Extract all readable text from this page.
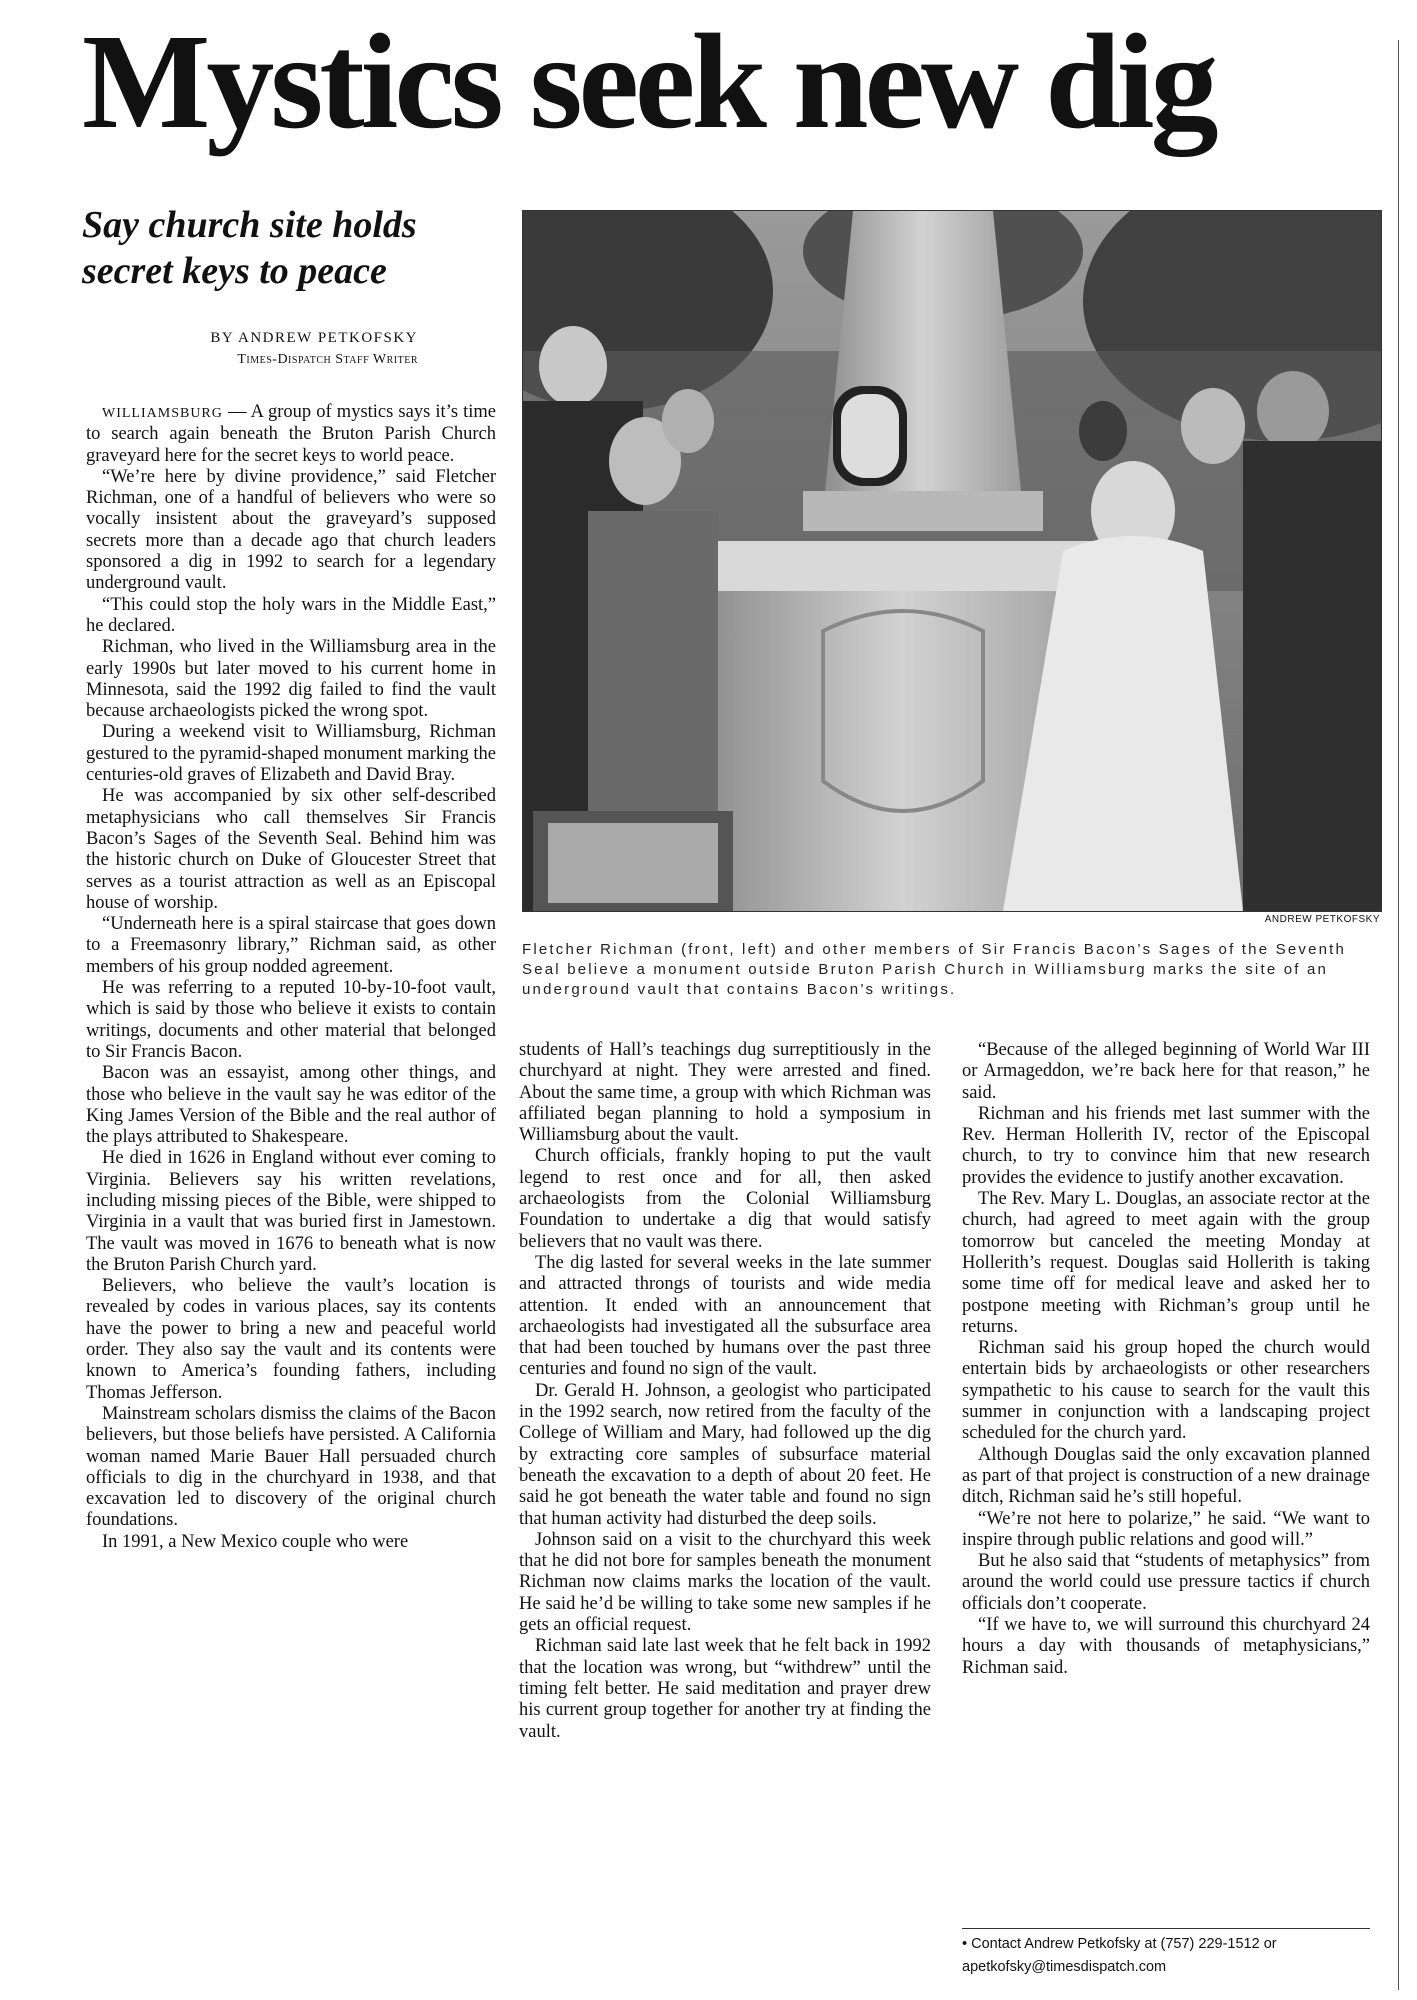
Mystics seek new dig
Say church site holds secret keys to peace
BY ANDREW PETKOFSKY
Times-Dispatch Staff Writer
ANDREW PETKOFSKY
Fletcher Richman (front, left) and other members of Sir Francis Bacon’s Sages of the Seventh Seal believe a monument outside Bruton Parish Church in Williamsburg marks the site of an underground vault that contains Bacon’s writings.

WILLIAMSBURG — A group of mystics says it’s time to search again beneath the Bruton Parish Church graveyard here for the secret keys to world peace.

“We’re here by divine providence,” said Fletcher Richman, one of a handful of believers who were so vocally insistent about the graveyard’s supposed secrets more than a decade ago that church leaders sponsored a dig in 1992 to search for a legendary underground vault.

“This could stop the holy wars in the Middle East,” he declared.

Richman, who lived in the Williamsburg area in the early 1990s but later moved to his current home in Minnesota, said the 1992 dig failed to find the vault because archaeologists picked the wrong spot.

During a weekend visit to Williamsburg, Richman gestured to the pyramid-shaped monument marking the centuries-old graves of Elizabeth and David Bray.

He was accompanied by six other self-described metaphysicians who call themselves Sir Francis Bacon’s Sages of the Seventh Seal. Behind him was the historic church on Duke of Gloucester Street that serves as a tourist attraction as well as an Episcopal house of worship.

“Underneath here is a spiral staircase that goes down to a Freemasonry library,” Richman said, as other members of his group nodded agreement.

He was referring to a reputed 10-by-10-foot vault, which is said by those who believe it exists to contain writings, documents and other material that belonged to Sir Francis Bacon.

Bacon was an essayist, among other things, and those who believe in the vault say he was editor of the King James Version of the Bible and the real author of the plays attributed to Shakespeare.

He died in 1626 in England without ever coming to Virginia. Believers say his written revelations, including missing pieces of the Bible, were shipped to Virginia in a vault that was buried first in Jamestown. The vault was moved in 1676 to beneath what is now the Bruton Parish Church yard.

Believers, who believe the vault’s location is revealed by codes in various places, say its contents have the power to bring a new and peaceful world order. They also say the vault and its contents were known to America’s founding fathers, including Thomas Jefferson.

Mainstream scholars dismiss the claims of the Bacon believers, but those beliefs have persisted. A California woman named Marie Bauer Hall persuaded church officials to dig in the churchyard in 1938, and that excavation led to discovery of the original church foundations.

In 1991, a New Mexico couple who were

students of Hall’s teachings dug surreptitiously in the churchyard at night. They were arrested and fined. About the same time, a group with which Richman was affiliated began planning to hold a symposium in Williamsburg about the vault.

Church officials, frankly hoping to put the vault legend to rest once and for all, then asked archaeologists from the Colonial Williamsburg Foundation to undertake a dig that would satisfy believers that no vault was there.

The dig lasted for several weeks in the late summer and attracted throngs of tourists and wide media attention. It ended with an announcement that archaeologists had investigated all the subsurface area that had been touched by humans over the past three centuries and found no sign of the vault.

Dr. Gerald H. Johnson, a geologist who participated in the 1992 search, now retired from the faculty of the College of William and Mary, had followed up the dig by extracting core samples of subsurface material beneath the excavation to a depth of about 20 feet. He said he got beneath the water table and found no sign that human activity had disturbed the deep soils.

Johnson said on a visit to the churchyard this week that he did not bore for samples beneath the monument Richman now claims marks the location of the vault. He said he’d be willing to take some new samples if he gets an official request.

Richman said late last week that he felt back in 1992 that the location was wrong, but “withdrew” until the timing felt better. He said meditation and prayer drew his current group together for another try at finding the vault.

“Because of the alleged beginning of World War III or Armageddon, we’re back here for that reason,” he said.

Richman and his friends met last summer with the Rev. Herman Hollerith IV, rector of the Episcopal church, to try to convince him that new research provides the evidence to justify another excavation.

The Rev. Mary L. Douglas, an associate rector at the church, had agreed to meet again with the group tomorrow but canceled the meeting Monday at Hollerith’s request. Douglas said Hollerith is taking some time off for medical leave and asked her to postpone meeting with Richman’s group until he returns.

Richman said his group hoped the church would entertain bids by archaeologists or other researchers sympathetic to his cause to search for the vault this summer in conjunction with a landscaping project scheduled for the church yard.

Although Douglas said the only excavation planned as part of that project is construction of a new drainage ditch, Richman said he’s still hopeful.

“We’re not here to polarize,” he said. “We want to inspire through public relations and good will.”

But he also said that “students of metaphysics” from around the world could use pressure tactics if church officials don’t cooperate.

“If we have to, we will surround this churchyard 24 hours a day with thousands of metaphysicians,” Richman said.

• Contact Andrew Petkofsky at (757) 229-1512 or
apetkofsky@timesdispatch.com
